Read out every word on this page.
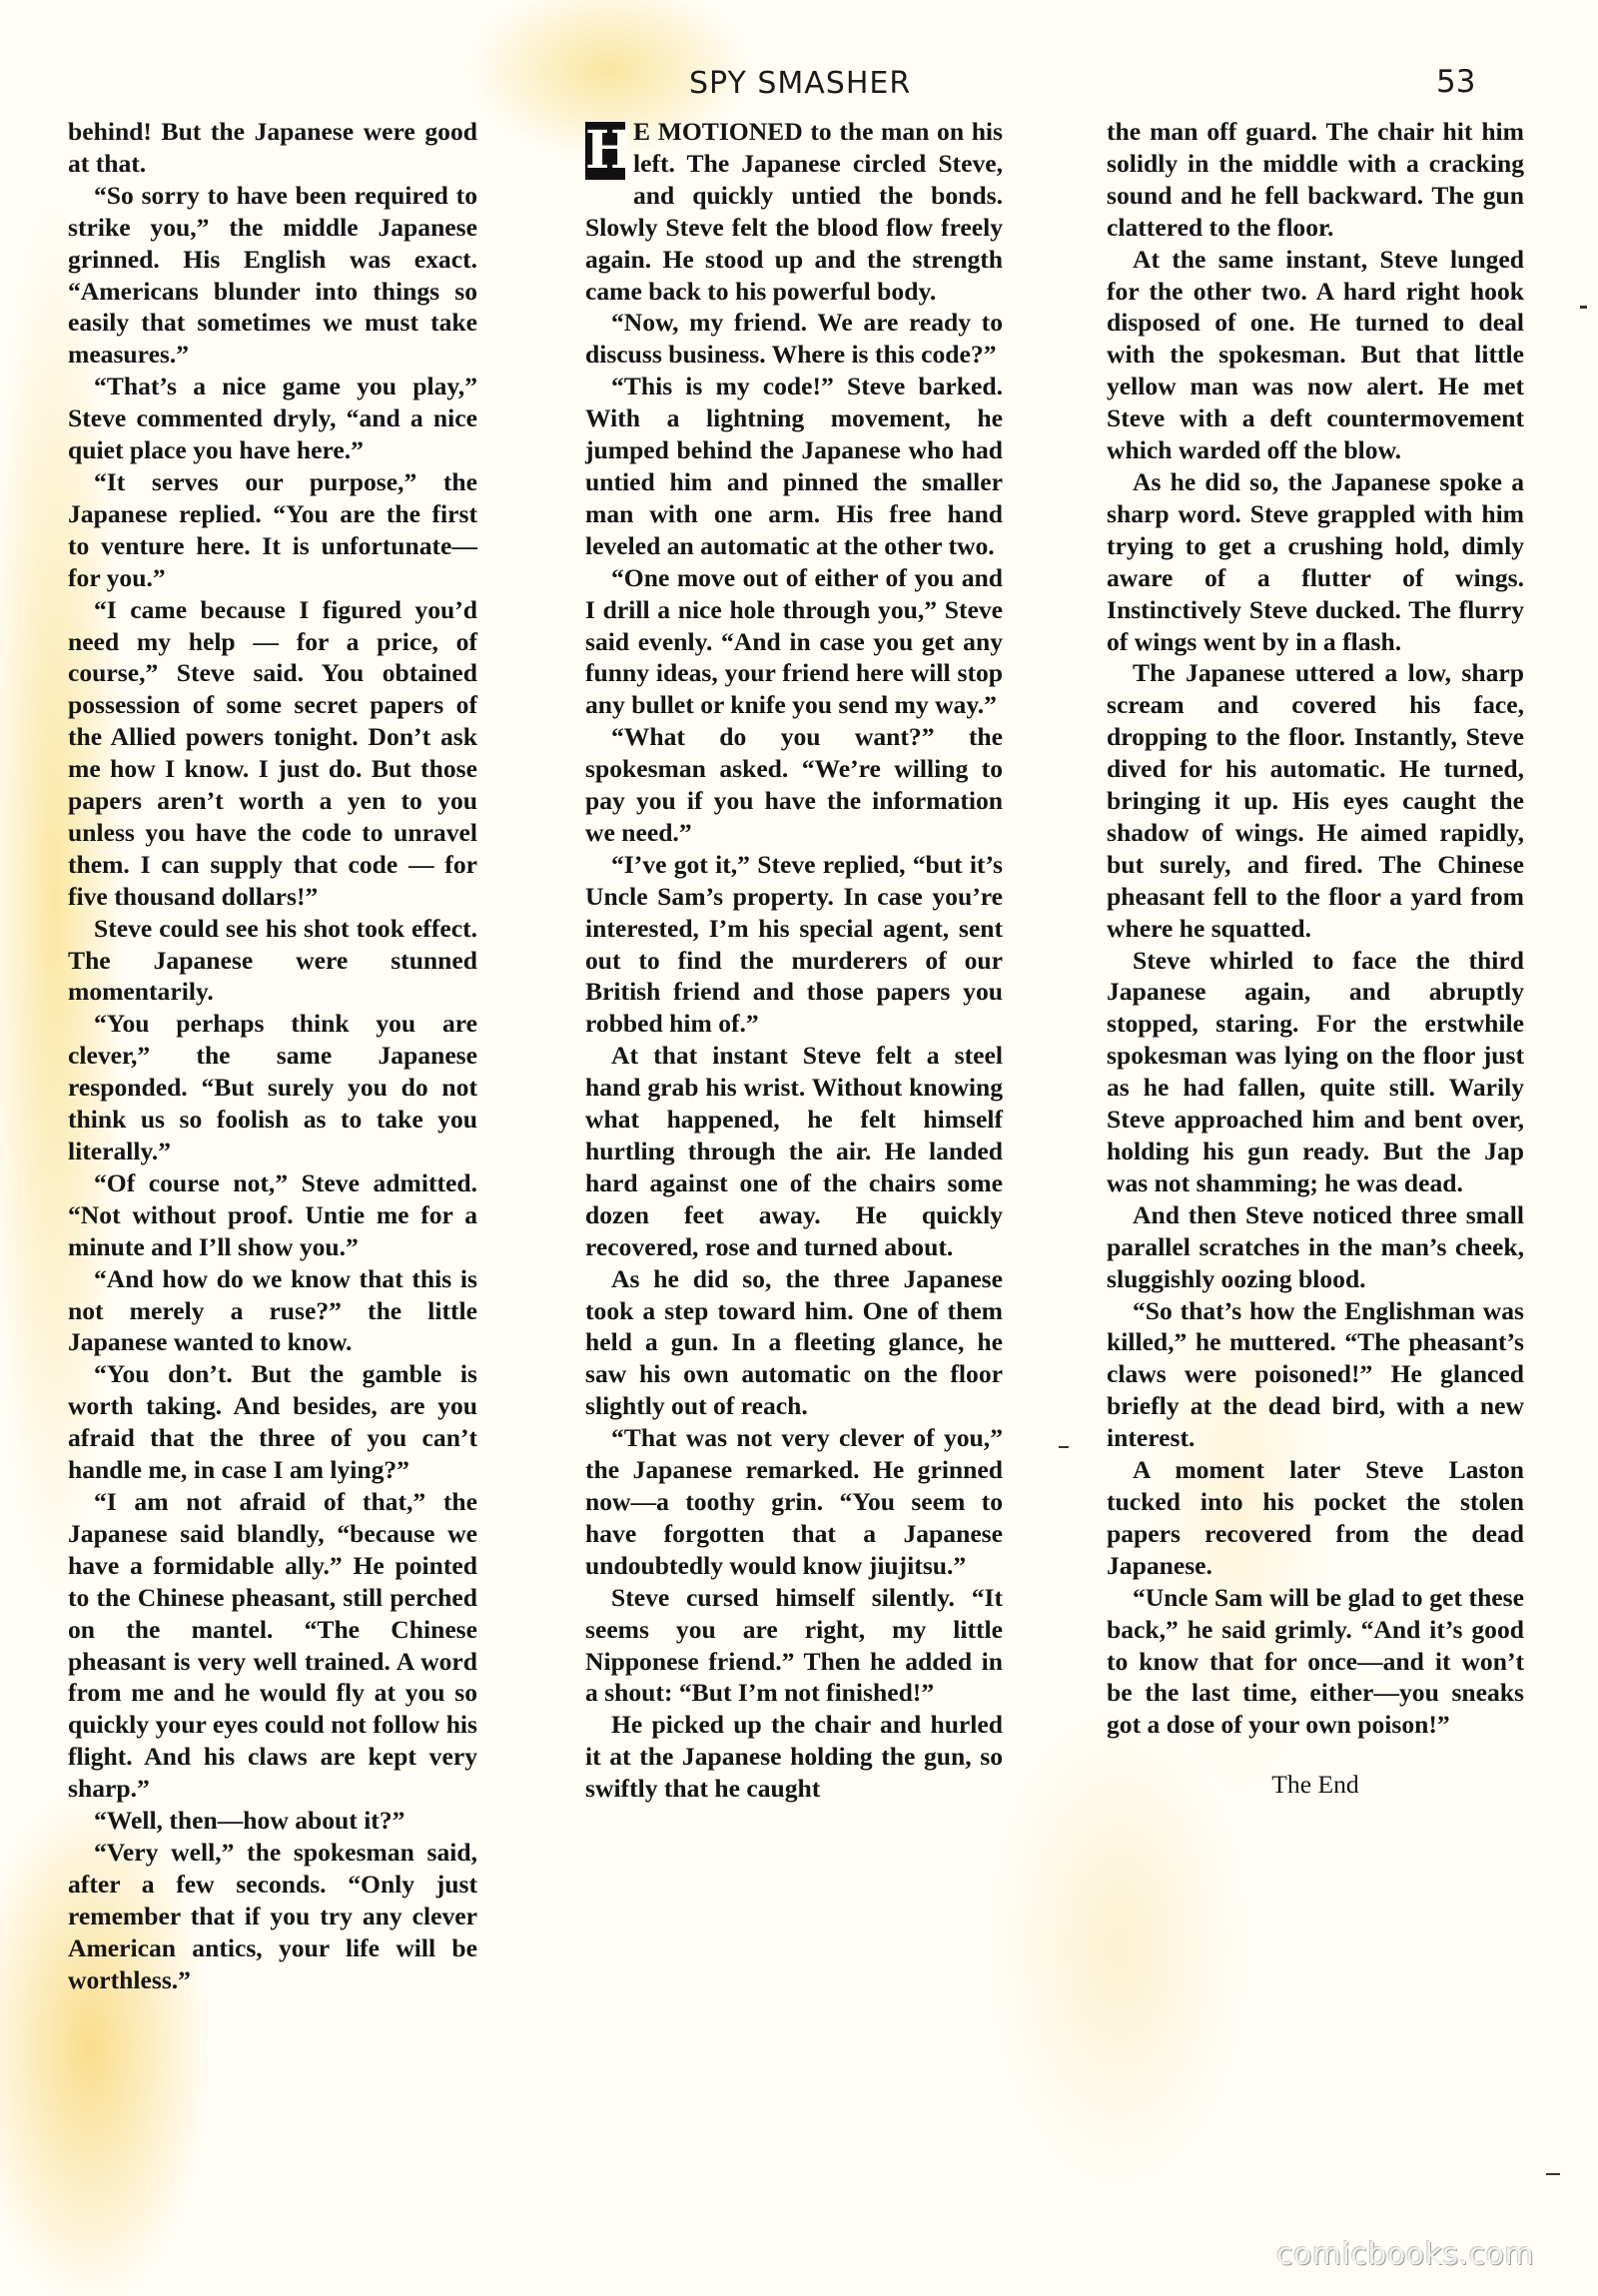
SPY SMASHER	53

behind! But the Japanese were good at that.

“So sorry to have been required to strike you,” the middle Japanese grinned. His English was exact. “Americans blunder into things so easily that sometimes we must take measures.”

“That’s a nice game you play,” Steve commented dryly, “and a nice quiet place you have here.”

“It serves our purpose,” the Japanese replied. “You are the first to venture here. It is unfortunate—for you.”

“I came because I figured you’d need my help — for a price, of course,” Steve said. You obtained possession of some secret papers of the Allied powers tonight. Don’t ask me how I know. I just do. But those papers aren’t worth a yen to you unless you have the code to unravel them. I can supply that code — for five thousand dollars!”

Steve could see his shot took effect. The Japanese were stunned momentarily.

“You perhaps think you are clever,” the same Japanese responded. “But surely you do not think us so foolish as to take you literally.”

“Of course not,” Steve admitted. “Not without proof. Untie me for a minute and I’ll show you.”

“And how do we know that this is not merely a ruse?” the little Japanese wanted to know.

“You don’t. But the gamble is worth taking. And besides, are you afraid that the three of you can’t handle me, in case I am lying?”

“I am not afraid of that,” the Japanese said blandly, “because we have a formidable ally.” He pointed to the Chinese pheasant, still perched on the mantel. “The Chinese pheasant is very well trained. A word from me and he would fly at you so quickly your eyes could not follow his flight. And his claws are kept very sharp.”

“Well, then—how about it?”

“Very well,” the spokesman said, after a few seconds. “Only just remember that if you try any clever American antics, your life will be worthless.”

H
E MOTIONED to the man on his left. The Japanese circled Steve, and quickly untied the bonds. Slowly Steve felt the blood flow freely again. He stood up and the strength came back to his powerful body.

“Now, my friend. We are ready to discuss business. Where is this code?”

“This is my code!” Steve barked. With a lightning movement, he jumped behind the Japanese who had untied him and pinned the smaller man with one arm. His free hand leveled an automatic at the other two.

“One move out of either of you and I drill a nice hole through you,” Steve said evenly. “And in case you get any funny ideas, your friend here will stop any bullet or knife you send my way.”

“What do you want?” the spokesman asked. “We’re willing to pay you if you have the information we need.”

“I’ve got it,” Steve replied, “but it’s Uncle Sam’s property. In case you’re interested, I’m his special agent, sent out to find the murderers of our British friend and those papers you robbed him of.”

At that instant Steve felt a steel hand grab his wrist. Without knowing what happened, he felt himself hurtling through the air. He landed hard against one of the chairs some dozen feet away. He quickly recovered, rose and turned about.

As he did so, the three Japanese took a step toward him. One of them held a gun. In a fleeting glance, he saw his own automatic on the floor slightly out of reach.

“That was not very clever of you,” the Japanese remarked. He grinned now—a toothy grin. “You seem to have forgotten that a Japanese undoubtedly would know jiujitsu.”

Steve cursed himself silently. “It seems you are right, my little Nipponese friend.” Then he added in a shout: “But I’m not finished!”

He picked up the chair and hurled it at the Japanese holding the gun, so swiftly that he caught

the man off guard. The chair hit him solidly in the middle with a cracking sound and he fell backward. The gun clattered to the floor.

At the same instant, Steve lunged for the other two. A hard right hook disposed of one. He turned to deal with the spokesman. But that little yellow man was now alert. He met Steve with a deft countermovement which warded off the blow.

As he did so, the Japanese spoke a sharp word. Steve grappled with him trying to get a crushing hold, dimly aware of a flutter of wings. Instinctively Steve ducked. The flurry of wings went by in a flash.

The Japanese uttered a low, sharp scream and covered his face, dropping to the floor. Instantly, Steve dived for his automatic. He turned, bringing it up. His eyes caught the shadow of wings. He aimed rapidly, but surely, and fired. The Chinese pheasant fell to the floor a yard from where he squatted.

Steve whirled to face the third Japanese again, and abruptly stopped, staring. For the erstwhile spokesman was lying on the floor just as he had fallen, quite still. Warily Steve approached him and bent over, holding his gun ready. But the Jap was not shamming; he was dead.

And then Steve noticed three small parallel scratches in the man’s cheek, sluggishly oozing blood.

“So that’s how the Englishman was killed,” he muttered. “The pheasant’s claws were poisoned!” He glanced briefly at the dead bird, with a new interest.

A moment later Steve Laston tucked into his pocket the stolen papers recovered from the dead Japanese.

“Uncle Sam will be glad to get these back,” he said grimly. “And it’s good to know that for once—and it won’t be the last time, either—you sneaks got a dose of your own poison!”

The End

comicbooks.com
